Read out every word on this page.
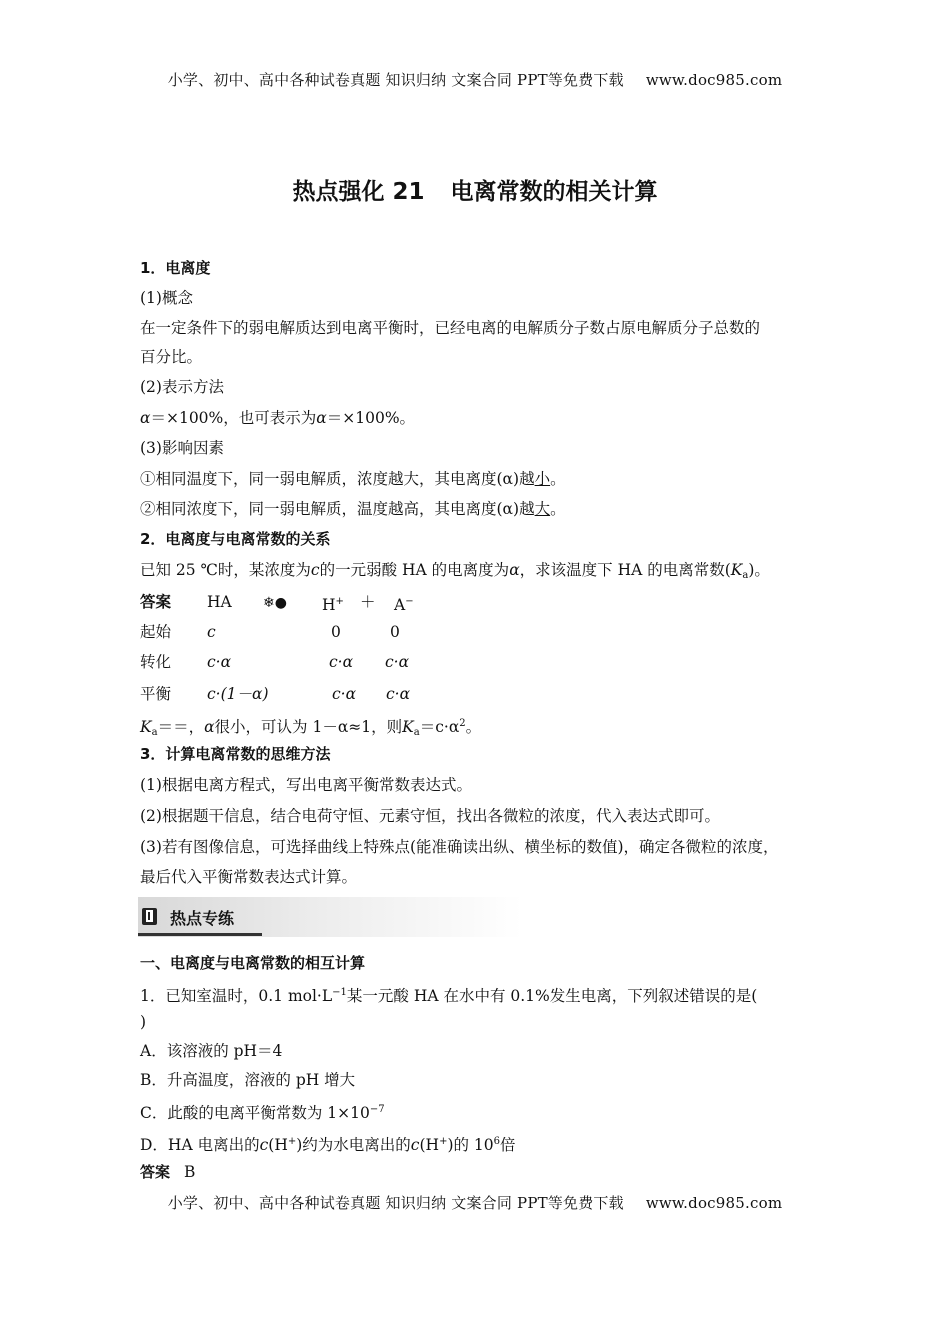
小学、初中、高中各种试卷真题 知识归纳 文案合同 PPT等免费下载 www.doc985.com
热点强化 21 电离常数的相关计算
1．电离度
(1)概念
在一定条件下的弱电解质达到电离平衡时，已经电离的电解质分子数占原电解质分子总数的
百分比。
(2)表示方法
α＝×100%，也可表示为α＝×100%。
(3)影响因素
①相同温度下，同一弱电解质，浓度越大，其电离度(α)越小。
②相同浓度下，同一弱电解质，温度越高，其电离度(α)越大。
2．电离度与电离常数的关系
已知 25 ℃时，某浓度为c的一元弱酸 HA 的电离度为α，求该温度下 HA 的电离常数$(K_a)$。
答案 HA ❄● H+ ＋ A−
起始 c	0	0
转化 c·α	c·α c·α
平衡 c·(1－α)	c·α c·α
$K_a==$，α很小，可认为 1－α≈1，则$K_a=c\cdot\alpha^2$。
3．计算电离常数的思维方法
(1)根据电离方程式，写出电离平衡常数表达式。
(2)根据题干信息，结合电荷守恒、元素守恒，找出各微粒的浓度，代入表达式即可。
(3)若有图像信息，可选择曲线上特殊点(能准确读出纵、横坐标的数值)，确定各微粒的浓度，
最后代入平衡常数表达式计算。
热点专练
一、电离度与电离常数的相互计算
1．已知室温时，0.1 $mol\cdot L^{-1}$某一元酸 HA 在水中有 0.1%发生电离，下列叙述错误的是(
)
A．该溶液的 pH＝4
B．升高温度，溶液的 pH 增大
C．此酸的电离平衡常数为 $1\times 10^{-7}$
D．HA 电离出的c(H+)约为水电离出的c(H+)的 $10^6$倍
答案 B
小学、初中、高中各种试卷真题 知识归纳 文案合同 PPT等免费下载 www.doc985.com
